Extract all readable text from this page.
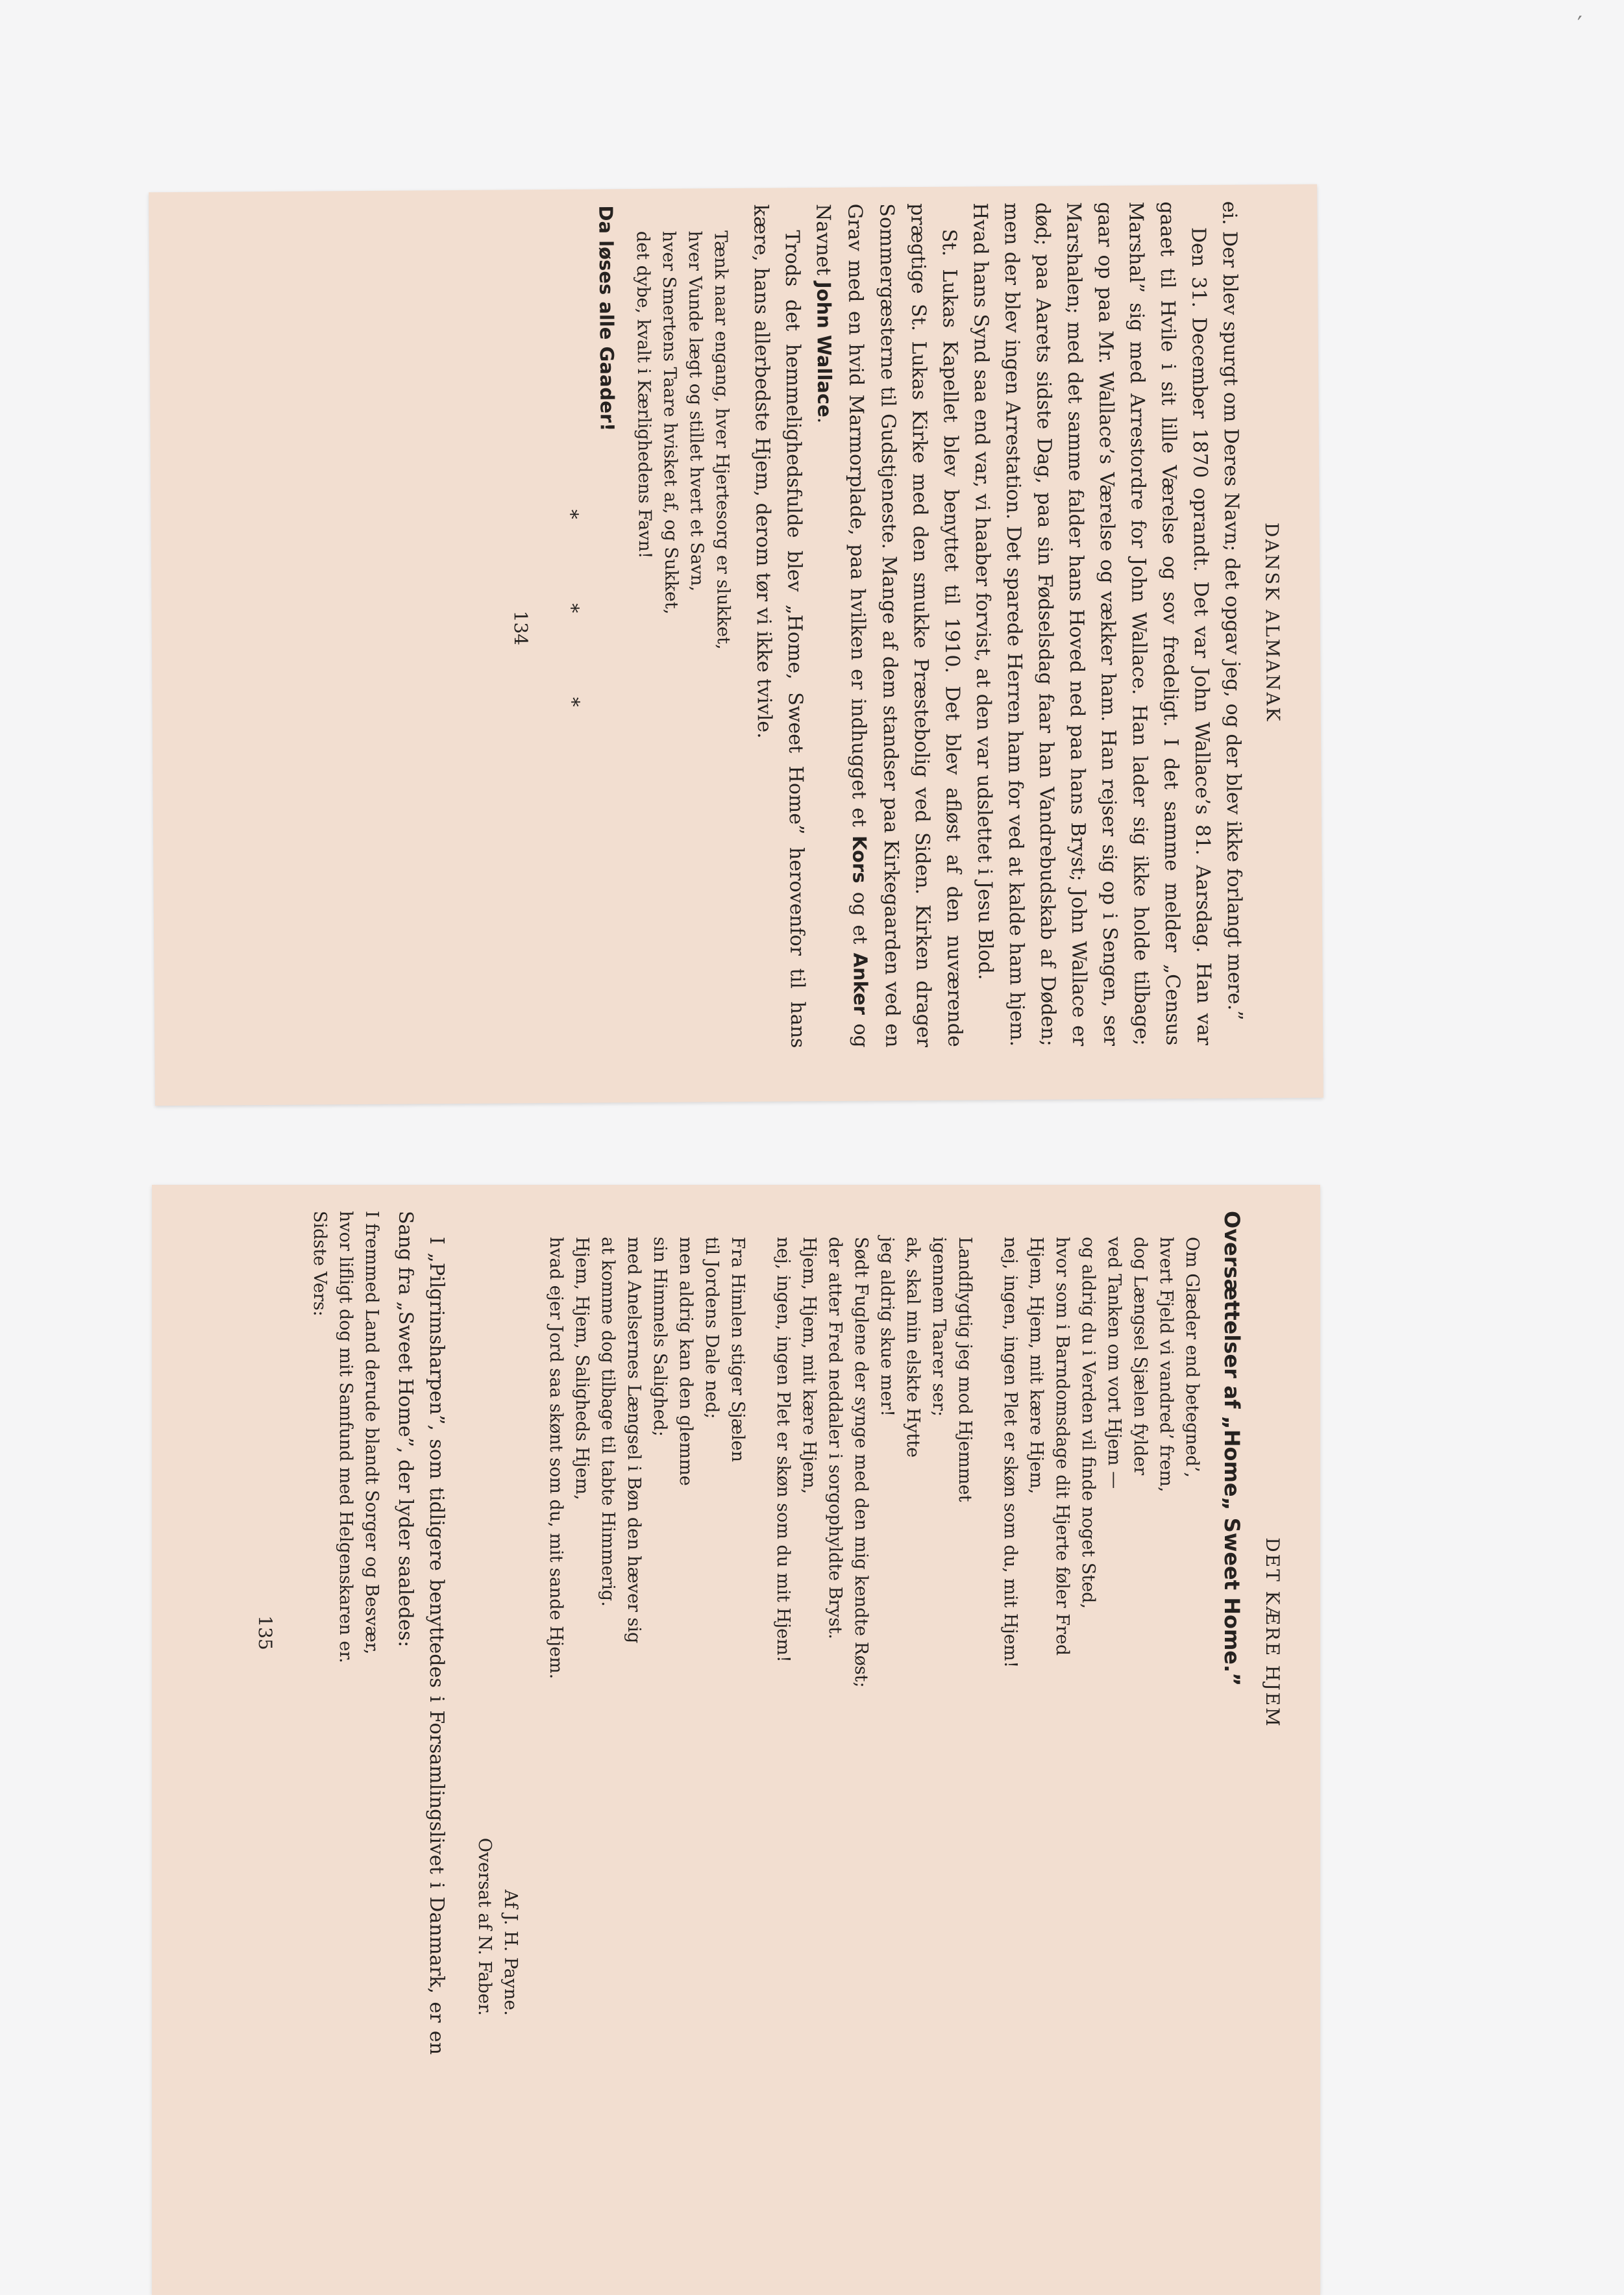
′
DANSK ALMANAK

ei. Der blev spurgt om Deres Navn; det opgav jeg, og der blev ikke forlangt mere.”

Den 31. December 1870 oprandt. Det var John Wallace’s 81. Aarsdag. Han var gaaet til Hvile i sit lille Værelse og sov fredeligt. I det samme melder „Census Marshal” sig med Arrestordre for John Wallace. Han lader sig ikke holde tilbage; gaar op paa Mr. Wallace’s Værelse og vækker ham. Han rejser sig op i Sengen, ser Marshalen; med det samme falder hans Hoved ned paa hans Bryst; John Wallace er død; paa Aarets sidste Dag, paa sin Fødselsdag faar han Vandrebudskab af Døden; men der blev ingen Arrestation. Det sparede Herren ham for ved at kalde ham hjem. Hvad hans Synd saa end var, vi haaber forvist, at den var udslettet i Jesu Blod.

St. Lukas Kapellet blev benyttet til 1910. Det blev afløst af den nuværende prægtige St. Lukas Kirke med den smukke Præstebolig ved Siden. Kirken drager Sommergæsterne til Gudstjeneste. Mange af dem standser paa Kirkegaarden ved en Grav med en hvid Marmorplade, paa hvilken er indhugget et Kors og et Anker og Navnet John Wallace.

Trods det hemmelighedsfulde blev „Home, Sweet Home” herovenfor til hans kære, hans allerbedste Hjem, derom tør vi ikke tvivle.

Tænk naar engang, hver Hjertesorg er slukket,
hver Vunde lægt og stillet hvert et Savn,
hver Smertens Taare hvisket af, og Sukket,
det dybe, kvalt i Kærlighedens Favn!
Da løses alle Gaader!
* * *
134
DET KÆRE HJEM
Oversættelser af „Home„ Sweet Home.”
Om Glæder end betegned’,
hvert Fjeld vi vandred’ frem,
dog Længsel Sjælen fylder
ved Tanken om vort Hjem —
og aldrig du i Verden vil finde noget Sted,
hvor som i Barndomsdage dit Hjerte føler Fred
Hjem, Hjem, mit kære Hjem,
nej, ingen, ingen Plet er skøn som du, mit Hjem!
Landflygtig jeg mod Hjemmet
igennem Taarer ser;
ak, skal min elskte Hytte
jeg aldrig skue mer!
Sødt Fuglene der synge med den mig kendte Røst;
der atter Fred neddaler i sorgophyldte Bryst.
Hjem, Hjem, mit kære Hjem,
nej, ingen, ingen Plet er skøn som du mit Hjem!
Fra Himlen stiger Sjælen
til Jordens Dale ned;
men aldrig kan den glemme
sin Himmels Salighed;
med Anelsernes Længsel i Bøn den hæver sig
at komme dog tilbage til tabte Himmerig.
Hjem, Hjem, Saligheds Hjem,
hvad ejer Jord saa skønt som du, mit sande Hjem.
Af J. H. Payne.
Oversat af N. Faber.

I „Pilgrimsharpen”, som tidligere benyttedes i Forsamlingslivet i Danmark, er en Sang fra „Sweet Home”, der lyder saaledes:

I fremmed Land derude blandt Sorger og Besvær,
hvor lifligt dog mit Samfund med Helgenskaren er.
Sidste Vers:
135
